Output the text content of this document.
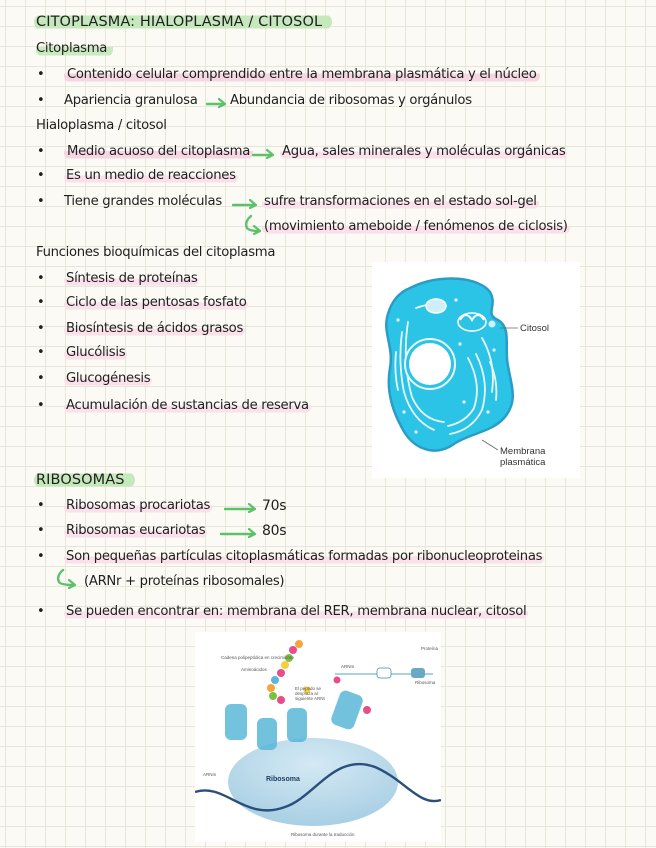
CITOPLASMA: HIALOPLASMA / CITOSOL
Citoplasma
• Contenido celular comprendido entre la membrana plasmática y el núcleo
• Apariencia granulosa Abundancia de ribosomas y orgánulos
Hialoplasma / citosol
• Medio acuoso del citoplasma Agua, sales minerales y moléculas orgánicas
• Es un medio de reacciones
• Tiene grandes moléculas	sufre transformaciones en el estado sol-gel
(movimiento ameboide / fenómenos de ciclosis)
Funciones bioquímicas del citoplasma
• Síntesis de proteínas
• Ciclo de las pentosas fosfato
• Biosíntesis de ácidos grasos
• Glucólisis
• Glucogénesis
• Acumulación de sustancias de reserva
Citosol
Membrana
plasmática
RIBOSOMAS
• Ribosomas procariotas	70s
• Ribosomas eucariotas	80s
• Son pequeñas partículas citoplasmáticas formadas por ribonucleoproteinas
(ARNr + proteínas ribosomales)
• Se pueden encontrar en: membrana del RER, membrana nuclear, citosol
Cadena polipeptídica en crecimiento
Aminoácidos
El péptido se desplaza al siguiente ARNt
ARNm
Ribosoma durante la traducción
Proteína
ARNm
Ribosoma
Ribosoma
